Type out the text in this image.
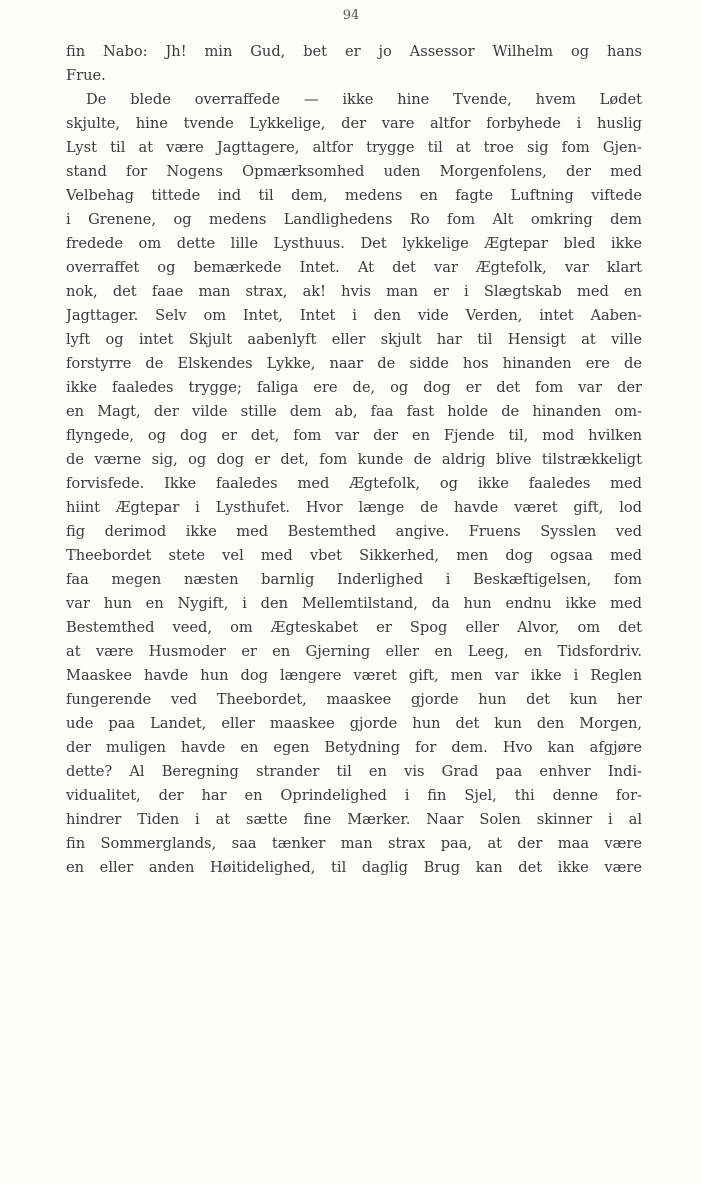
94
fin Nabo: Jh! min Gud, bet er jo Assessor Wilhelm og hans
Frue.
De blede overraffede — ikke hine Tvende, hvem Lødet
skjulte, hine tvende Lykkelige, der vare altfor forbyhede i huslig
Lyst til at være Jagttagere, altfor trygge til at troe sig fom Gjen-
stand for Nogens Opmærksomhed uden Morgenfolens, der med
Velbehag tittede ind til dem, medens en fagte Luftning viftede
i Grenene, og medens Landlighedens Ro fom Alt omkring dem
fredede om dette lille Lysthuus. Det lykkelige Ægtepar bled ikke
overraffet og bemærkede Intet. At det var Ægtefolk, var klart
nok, det faae man strax, ak! hvis man er i Slægtskab med en
Jagttager. Selv om Intet, Intet i den vide Verden, intet Aaben-
lyft og intet Skjult aabenlyft eller skjult har til Hensigt at ville
forstyrre de Elskendes Lykke, naar de sidde hos hinanden ere de
ikke faaledes trygge; faliga ere de, og dog er det fom var der
en Magt, der vilde stille dem ab, faa fast holde de hinanden om-
flyngede, og dog er det, fom var der en Fjende til, mod hvilken
de værne sig, og dog er det, fom kunde de aldrig blive tilstrækkeligt
forvisfede. Ikke faaledes med Ægtefolk, og ikke faaledes med
hiint Ægtepar i Lysthufet. Hvor længe de havde været gift, lod
fig derimod ikke med Bestemthed angive. Fruens Sysslen ved
Theebordet stete vel med vbet Sikkerhed, men dog ogsaa med
faa megen næsten barnlig Inderlighed i Beskæftigelsen, fom
var hun en Nygift, i den Mellemtilstand, da hun endnu ikke med
Bestemthed veed, om Ægteskabet er Spog eller Alvor, om det
at være Husmoder er en Gjerning eller en Leeg, en Tidsfordriv.
Maaskee havde hun dog længere været gift, men var ikke i Reglen
fungerende ved Theebordet, maaskee gjorde hun det kun her
ude paa Landet, eller maaskee gjorde hun det kun den Morgen,
der muligen havde en egen Betydning for dem. Hvo kan afgjøre
dette? Al Beregning strander til en vis Grad paa enhver Indi-
vidualitet, der har en Oprindelighed i fin Sjel, thi denne for-
hindrer Tiden i at sætte fine Mærker. Naar Solen skinner i al
fin Sommerglands, saa tænker man strax paa, at der maa være
en eller anden Høitidelighed, til daglig Brug kan det ikke være
